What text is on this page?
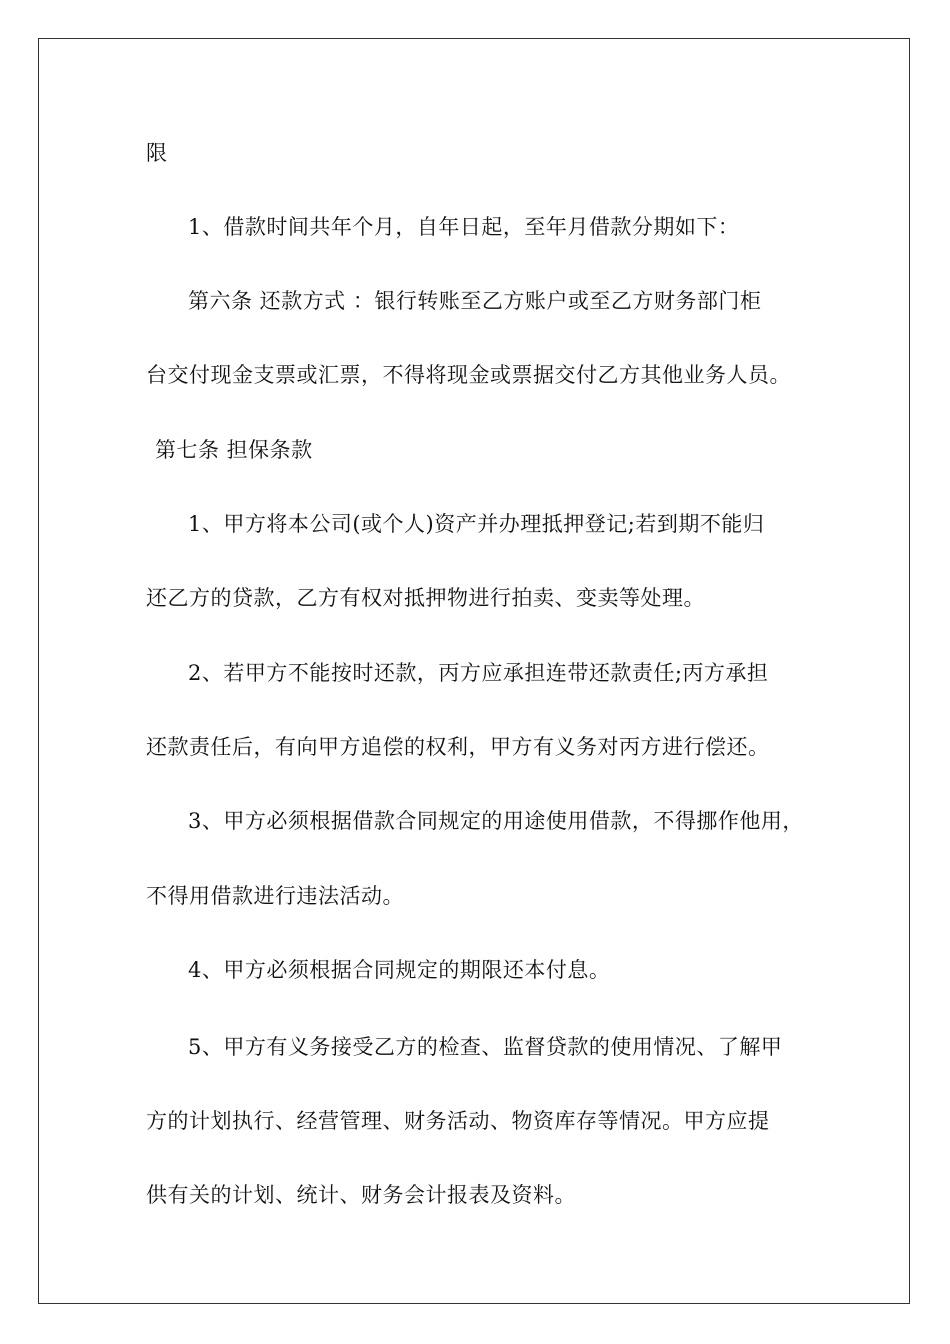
限
1、借款时间共年个月，自年日起，至年月借款分期如下：
第六条 还款方式 ：银行转账至乙方账户或至乙方财务部门柜
台交付现金支票或汇票，不得将现金或票据交付乙方其他业务人员。
第七条 担保条款
1、甲方将本公司(或个人)资产并办理抵押登记;若到期不能归
还乙方的贷款，乙方有权对抵押物进行拍卖、变卖等处理。
2、若甲方不能按时还款，丙方应承担连带还款责任;丙方承担
还款责任后，有向甲方追偿的权利，甲方有义务对丙方进行偿还。
3、甲方必须根据借款合同规定的用途使用借款，不得挪作他用，
不得用借款进行违法活动。
4、甲方必须根据合同规定的期限还本付息。
5、甲方有义务接受乙方的检查、监督贷款的使用情况、了解甲
方的计划执行、经营管理、财务活动、物资库存等情况。甲方应提
供有关的计划、统计、财务会计报表及资料。
